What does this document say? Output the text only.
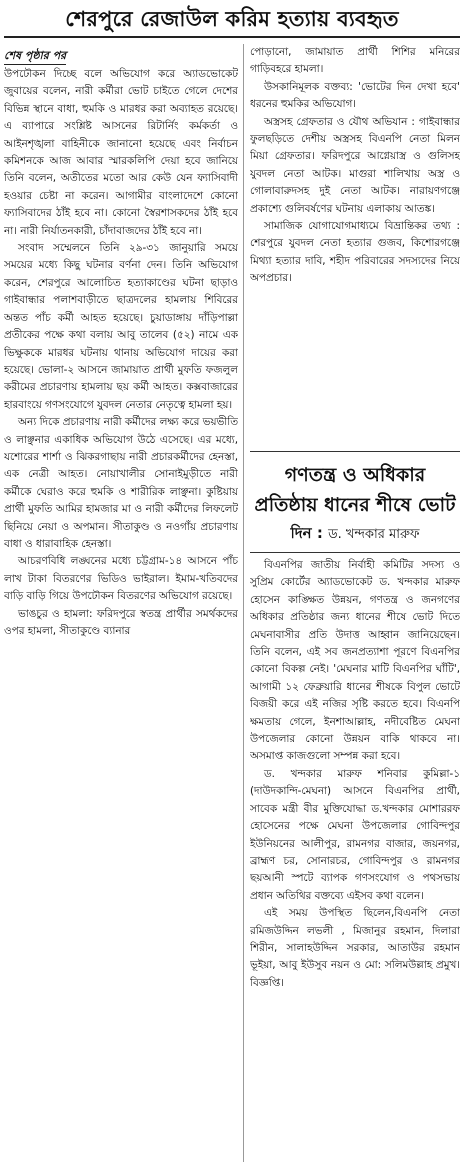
শেরপুরে রেজাউল করিম হত্যায় ব্যবহৃত
শেষ পৃষ্ঠার পর

উপঢৌকন দিচ্ছে বলে অভিযোগ করে অ্যাডভোকেট জুবায়ের বলেন, নারী কর্মীরা ভোট চাইতে গেলে দেশের বিভিন্ন স্থানে বাধা, হুমকি ও মারধর করা অব্যাহত রয়েছে। এ ব্যাপারে সংশ্লিষ্ট আসনের রিটার্নিং কর্মকর্তা ও আইনশৃঙ্খলা বাহিনীকে জানানো হয়েছে এবং নির্বাচন কমিশনকে আজ আবার স্মারকলিপি দেয়া হবে জানিয়ে তিনি বলেন, অতীতের মতো আর কেউ যেন ফ্যাসিবাদী হওয়ার চেষ্টা না করেন। আগামীর বাংলাদেশে কোনো ফ্যাসিবাদের ঠাঁই হবে না। কোনো স্বৈরশাসকদের ঠাঁই হবে না। নারী নির্যাতনকারী, চাঁদাবাজদের ঠাঁই হবে না।

সংবাদ সম্মেলনে তিনি ২৯-৩১ জানুয়ারি সময়ে সময়ের মধ্যে কিছু ঘটনার বর্ণনা দেন। তিনি অভিযোগ করেন, শেরপুরে আলোচিত হত্যাকাণ্ডের ঘটনা ছাড়াও গাইবান্ধার পলাশবাড়ীতে ছাত্রদলের হামলায় শিবিরের অন্তত পাঁচ কর্মী আহত হয়েছে। চুয়াডাঙ্গায় দাঁড়িপাল্লা প্রতীকের পক্ষে কথা বলায় আবু তালেব (৫২) নামে এক ভিক্ষুককে মারধর ঘটনায় থানায় অভিযোগ দায়ের করা হয়েছে। ভোলা-২ আসনে জামায়াত প্রার্থী মুফতি ফজলুল করীমের প্রচারণায় হামলায় ছয় কর্মী আহত। কক্সবাজারের হারবাংয়ে গণসংযোগে যুবদল নেতার নেতৃত্বে হামলা হয়।

অন্য দিকে প্রচারণায় নারী কর্মীদের লক্ষ্য করে ভয়ভীতি ও লাঞ্ছনার একাধিক অভিযোগ উঠে এসেছে। এর মধ্যে, যশোরের শার্শা ও ঝিকরগাছায় নারী প্রচারকর্মীদের হেনস্তা, এক নেত্রী আহত। নোয়াখালীর সোনাইমুড়ীতে নারী কর্মীকে ঘেরাও করে হুমকি ও শারীরিক লাঞ্ছনা। কুষ্টিয়ায় প্রার্থী মুফতি আমির হামজার মা ও নারী কর্মীদের লিফলেট ছিনিয়ে নেয়া ও অপমান। সীতাকুণ্ড ও নওগাঁয় প্রচারণায় বাধা ও ধারাবাহিক হেনস্তা।

আচরণবিধি লঙ্ঘনের মধ্যে চট্টগ্রাম-১৪ আসনে পাঁচ লাখ টাকা বিতরণের ভিডিও ভাইরাল। ইমাম-খতিবদের বাড়ি বাড়ি গিয়ে উপঢৌকন বিতরণের অভিযোগ রয়েছে।

ভাঙচুর ও হামলা: ফরিদপুরে স্বতন্ত্র প্রার্থীর সমর্থকদের ওপর হামলা, সীতাকুণ্ডে ব্যানার

পোড়ানো, জামায়াত প্রার্থী শিশির মনিরের গাড়িবহরে হামলা।

উসকানিমূলক বক্তব্য: 'ভোটের দিন দেখা হবে' ধরনের হুমকির অভিযোগ।

অস্ত্রসহ গ্রেফতার ও যৌথ অভিযান : গাইবান্ধার ফুলছড়িতে দেশীয় অস্ত্রসহ বিএনপি নেতা মিলন মিয়া গ্রেফতার। ফরিদপুরে আগ্নেয়াস্ত্র ও গুলিসহ যুবদল নেতা আটক। মাগুরা শালিখায় অস্ত্র ও গোলাবারুদসহ দুই নেতা আটক। নারায়ণগঞ্জে প্রকাশ্যে গুলিবর্ষণের ঘটনায় এলাকায় আতঙ্ক।

সামাজিক যোগাযোগমাধ্যমে বিভ্রান্তিকর তথ্য : শেরপুরে যুবদল নেতা হত্যার গুজব, কিশোরগঞ্জে মিথ্যা হত্যার দাবি, শহীদ পরিবারের সদস্যদের নিয়ে অপপ্রচার।

গণতন্ত্র ও অধিকার
প্রতিষ্ঠায় ধানের শীষে ভোট
দিন : ড. খন্দকার মারুফ

বিএনপির জাতীয় নির্বাহী কমিটির সদস্য ও সুপ্রিম কোর্টের অ্যাডভোকেট ড. খন্দকার মারুফ হোসেন কাঙ্ক্ষিত উন্নয়ন, গণতন্ত্র ও জনগণের অধিকার প্রতিষ্ঠার জন্য ধানের শীষে ভোট দিতে মেঘনাবাসীর প্রতি উদাত্ত আহ্বান জানিয়েছেন। তিনি বলেন, এই সব জনপ্রত্যাশা পূরণে বিএনপির কোনো বিকল্প নেই। 'মেঘনার মাটি বিএনপির ঘাঁটি', আগামী ১২ ফেব্রুয়ারি ধানের শীষকে বিপুল ভোটে বিজয়ী করে এই নজির সৃষ্টি করতে হবে। বিএনপি ক্ষমতায় গেলে, ইনশাআল্লাহ, নদীবেষ্টিত মেঘনা উপজেলার কোনো উন্নয়ন বাকি থাকবে না। অসমাপ্ত কাজগুলো সম্পন্ন করা হবে।

ড. খন্দকার মারুফ শনিবার কুমিল্লা-১ (দাউদকান্দি-মেঘনা) আসনে বিএনপির প্রার্থী, সাবেক মন্ত্রী বীর মুক্তিযোদ্ধা ড.খন্দকার মোশাররফ হোসেনের পক্ষে মেঘনা উপজেলার গোবিন্দপুর ইউনিয়নের আলীপুর, রামনগর বাজার, জয়নগর, ব্রাহ্মণ চর, সোনারচর, গোবিন্দপুর ও রামনগর ছয়আনী স্পটে ব্যাপক গণসংযোগ ও পথসভায় প্রধান অতিথির বক্তব্যে এইসব কথা বলেন।

এই সময় উপস্থিত ছিলেন,বিএনপি নেতা রমিজউদ্দিন লভলী , মিজানুর রহমান, দিলারা শিরীন, সালাহউদ্দিন সরকার, আতাউর রহমান ভূইয়া, আবু ইউসুব নয়ন ও মো: সলিমউল্লাহ প্রমুখ। বিজ্ঞপ্তি।
